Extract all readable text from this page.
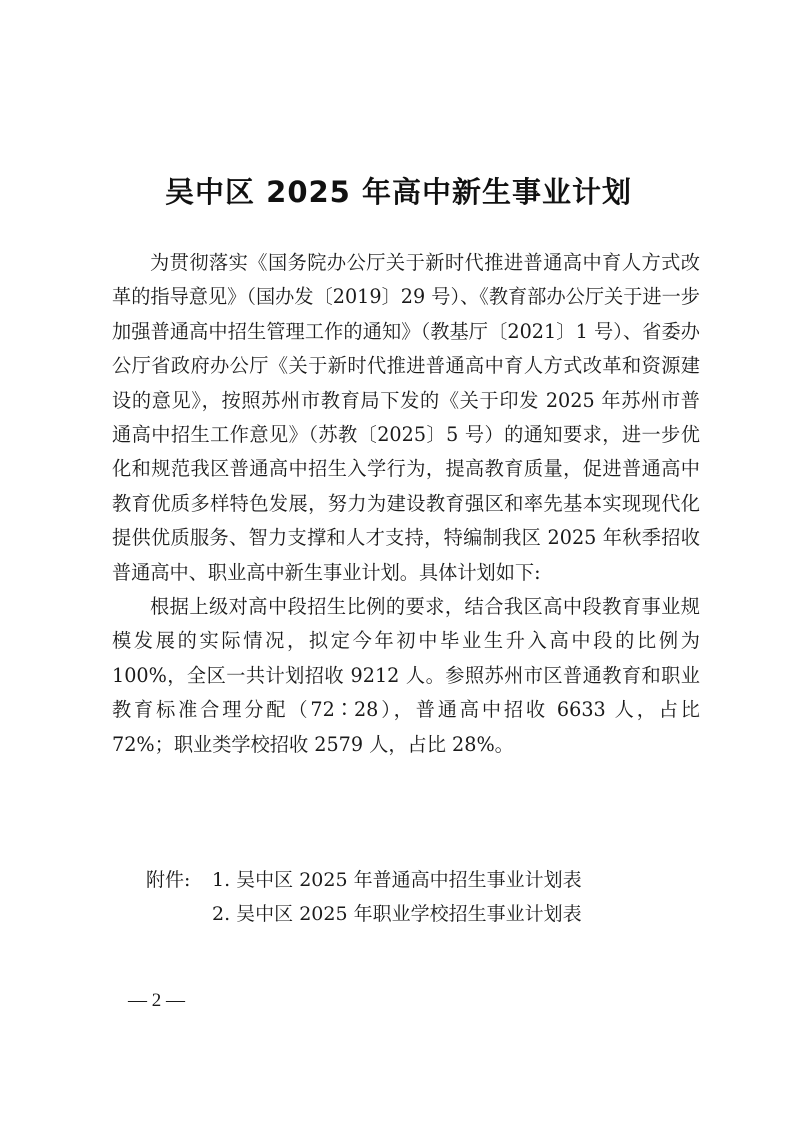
吴中区 2025 年高中新生事业计划

为贯彻落实《国务院办公厅关于新时代推进普通高中育人方式改革的指导意见》（国办发〔2019〕29 号）、《教育部办公厅关于进一步加强普通高中招生管理工作的通知》（教基厅〔2021〕1 号）、省委办公厅省政府办公厅《关于新时代推进普通高中育人方式改革和资源建设的意见》，按照苏州市教育局下发的《关于印发 2025 年苏州市普通高中招生工作意见》（苏教〔2025〕5 号）的通知要求，进一步优化和规范我区普通高中招生入学行为，提高教育质量，促进普通高中教育优质多样特色发展，努力为建设教育强区和率先基本实现现代化提供优质服务、智力支撑和人才支持，特编制我区 2025 年秋季招收普通高中、职业高中新生事业计划。具体计划如下:

根据上级对高中段招生比例的要求，结合我区高中段教育事业规模发展的实际情况，拟定今年初中毕业生升入高中段的比例为 100%，全区一共计划招收 9212 人。参照苏州市区普通教育和职业教育标准合理分配（72∶28），普通高中招收 6633 人，占比 72%；职业类学校招收 2579 人，占比 28%。

附件:	1. 吴中区 2025 年普通高中招生事业计划表
2. 吴中区 2025 年职业学校招生事业计划表
— 2 —
